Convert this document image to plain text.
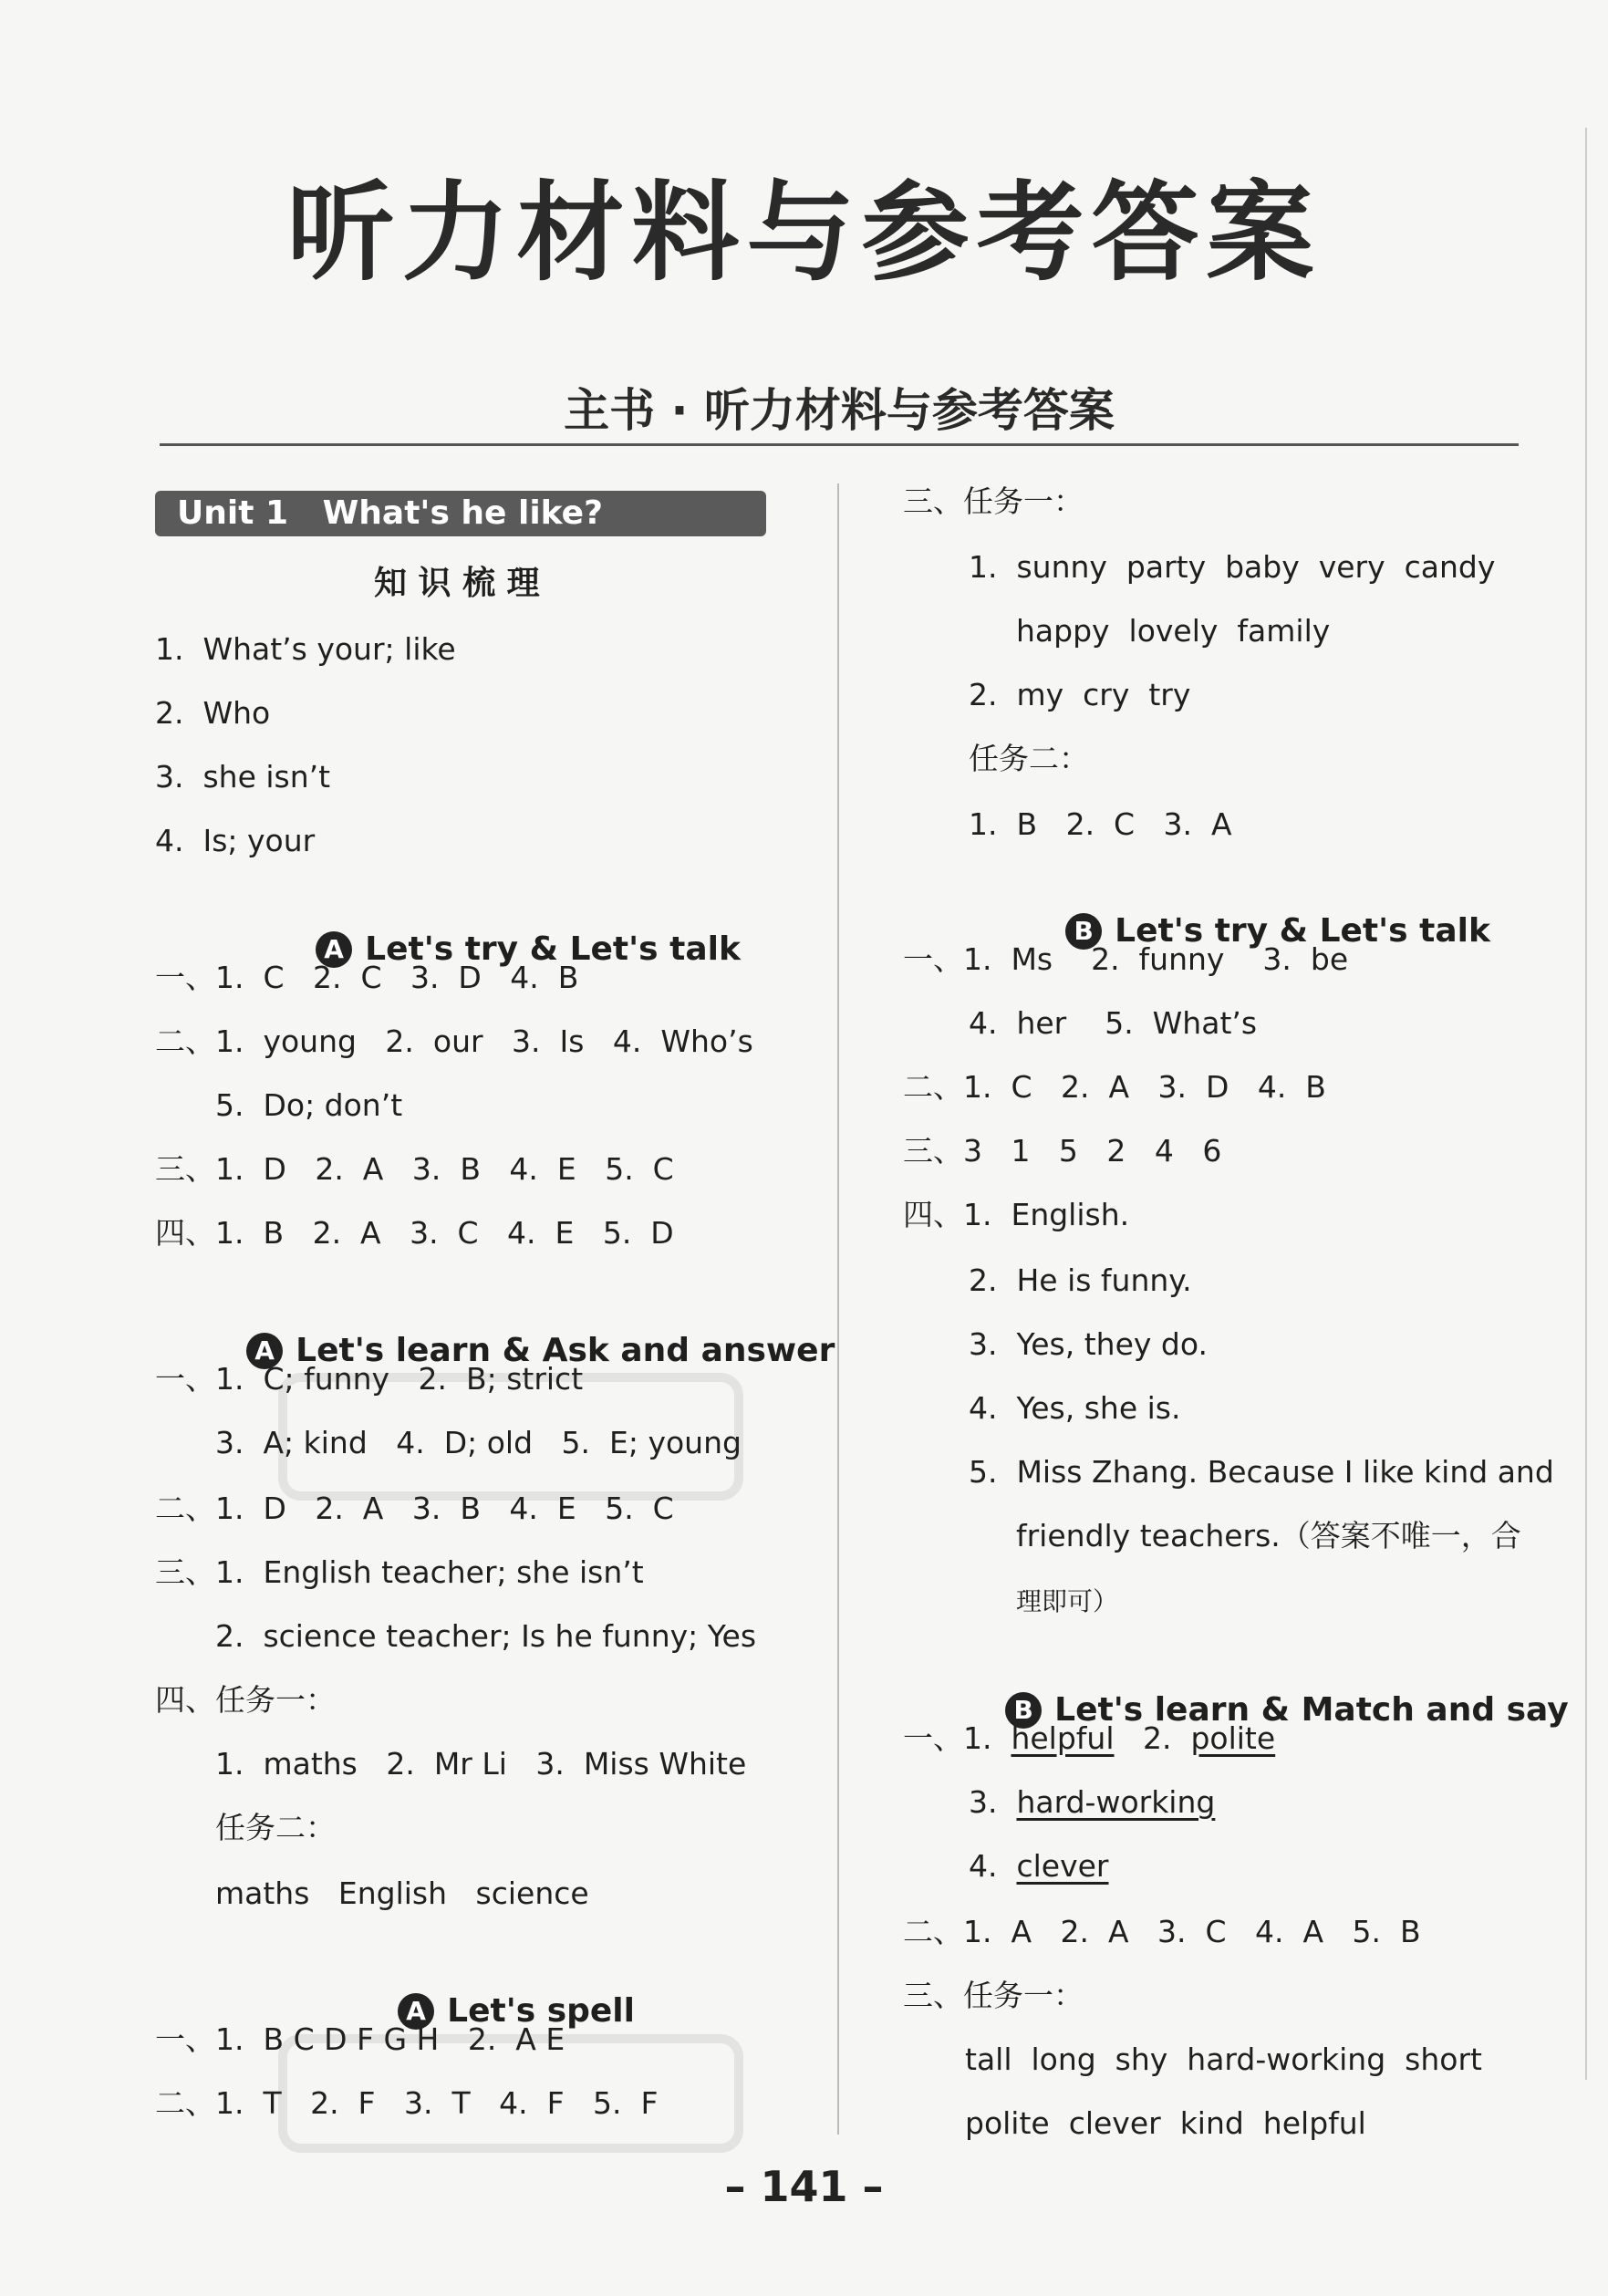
听力材料与参考答案
主书 · 听力材料与参考答案
Unit 1   What's he like?
知 识 梳 理
1.  What’s your; like
2.  Who
3.  she isn’t
4.  Is; your

A Let's try & Let's talk

一、1.  C   2.  C   3.  D   4.  B
二、1.  young   2.  our   3.  Is   4.  Who’s
5.  Do; don’t
三、1.  D   2.  A   3.  B   4.  E   5.  C
四、1.  B   2.  A   3.  C   4.  E   5.  D

A Let's learn & Ask and answer

一、1.  C; funny   2.  B; strict
3.  A; kind   4.  D; old   5.  E; young
二、1.  D   2.  A   3.  B   4.  E   5.  C
三、1.  English teacher; she isn’t
2.  science teacher; Is he funny; Yes
四、任务一：
1.  maths   2.  Mr Li   3.  Miss White
任务二：
maths   English   science

A Let's spell

一、1.  B C D F G H   2.  A E
二、1.  T   2.  F   3.  T   4.  F   5.  F
三、任务一：
1.  sunny  party  baby  very  candy
happy  lovely  family
2.  my  cry  try
任务二：
1.  B   2.  C   3.  A

B Let's try & Let's talk

一、1.  Ms    2.  funny    3.  be
4.  her    5.  What’s
二、1.  C   2.  A   3.  D   4.  B
三、3   1   5   2   4   6
四、1.  English.
2.  He is funny.
3.  Yes, they do.
4.  Yes, she is.
5.  Miss Zhang. Because I like kind and
friendly teachers.（答案不唯一，合
理即可）

B Let's learn & Match and say

一、1.  helpful   2.  polite
3.  hard-working
4.  clever
二、1.  A   2.  A   3.  C   4.  A   5.  B
三、任务一：
tall  long  shy  hard-working  short
polite  clever  kind  helpful
– 141 –
